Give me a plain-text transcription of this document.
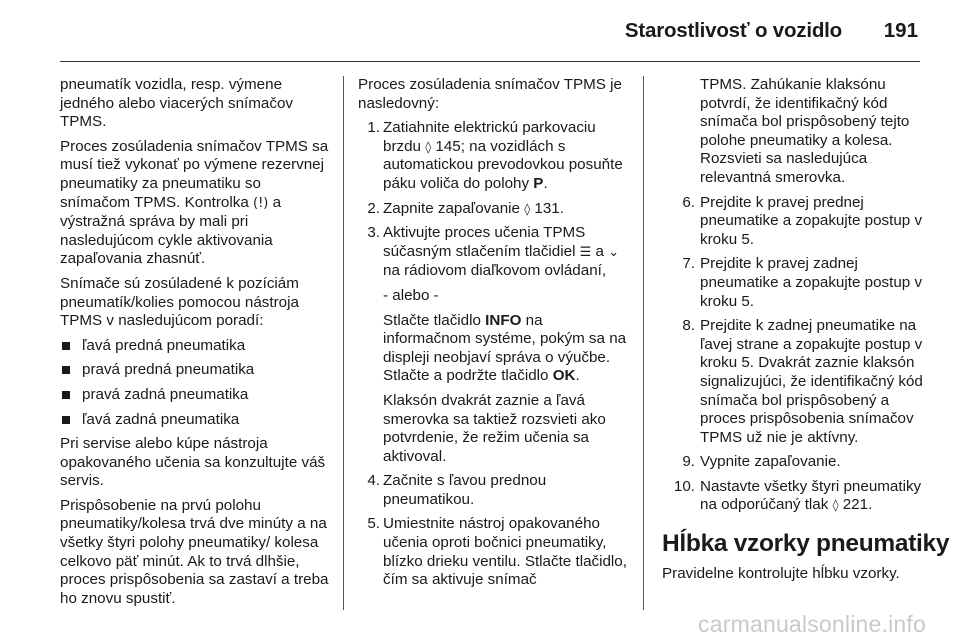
Starostlivosť o vozidlo 191

pneumatík vozidla, resp. výmene jedného alebo viacerých snímačov TPMS.

Proces zosúladenia snímačov TPMS sa musí tiež vykonať po výmene rezervnej pneumatiky za pneumatiku so snímačom TPMS. Kontrolka (!) a výstražná správa by mali pri nasledujúcom cykle aktivovania zapaľovania zhasnúť.

Snímače sú zosúladené k pozíciám pneumatík/kolies pomocou nástroja TPMS v nasledujúcom poradí:

ľavá predná pneumatika
pravá predná pneumatika
pravá zadná pneumatika
ľavá zadná pneumatika

Pri servise alebo kúpe nástroja opakovaného učenia sa konzultujte váš servis.

Prispôsobenie na prvú polohu pneumatiky/kolesa trvá dve minúty a na všetky štyri polohy pneumatiky/ kolesa celkovo päť minút. Ak to trvá dlhšie, proces prispôsobenia sa zastaví a treba ho znovu spustiť.

Proces zosúladenia snímačov TPMS je nasledovný:

1. Zatiahnite elektrickú parkovaciu brzdu ◊ 145; na vozidlách s automatickou prevodovkou posuňte páku voliča do polohy P.
2. Zapnite zapaľovanie ◊ 131.
3. Aktivujte proces učenia TPMS súčasným stlačením tlačidiel ☰ a ⌄ na rádiovom diaľkovom ovládaní,
- alebo -
Stlačte tlačidlo INFO na informačnom systéme, pokým sa na displeji neobjaví správa o výučbe. Stlačte a podržte tlačidlo OK.
Klaksón dvakrát zaznie a ľavá smerovka sa taktiež rozsvieti ako potvrdenie, že režim učenia sa aktivoval.
4. Začnite s ľavou prednou pneumatikou.
5. Umiestnite nástroj opakovaného učenia oproti bočnici pneumatiky, blízko drieku ventilu. Stlačte tlačidlo, čím sa aktivuje snímač
TPMS. Zahúkanie klaksónu potvrdí, že identifikačný kód snímača bol prispôsobený tejto polohe pneumatiky a kolesa. Rozsvieti sa nasledujúca relevantná smerovka.
6. Prejdite k pravej prednej pneumatike a zopakujte postup v kroku 5.
7. Prejdite k pravej zadnej pneumatike a zopakujte postup v kroku 5.
8. Prejdite k zadnej pneumatike na ľavej strane a zopakujte postup v kroku 5. Dvakrát zaznie klaksón signalizujúci, že identifikačný kód snímača bol prispôsobený a proces prispôsobenia snímačov TPMS už nie je aktívny.
9. Vypnite zapaľovanie.
10. Nastavte všetky štyri pneumatiky na odporúčaný tlak ◊ 221.
Hĺbka vzorky pneumatiky

Pravidelne kontrolujte hĺbku vzorky.

carmanualsonline.info
